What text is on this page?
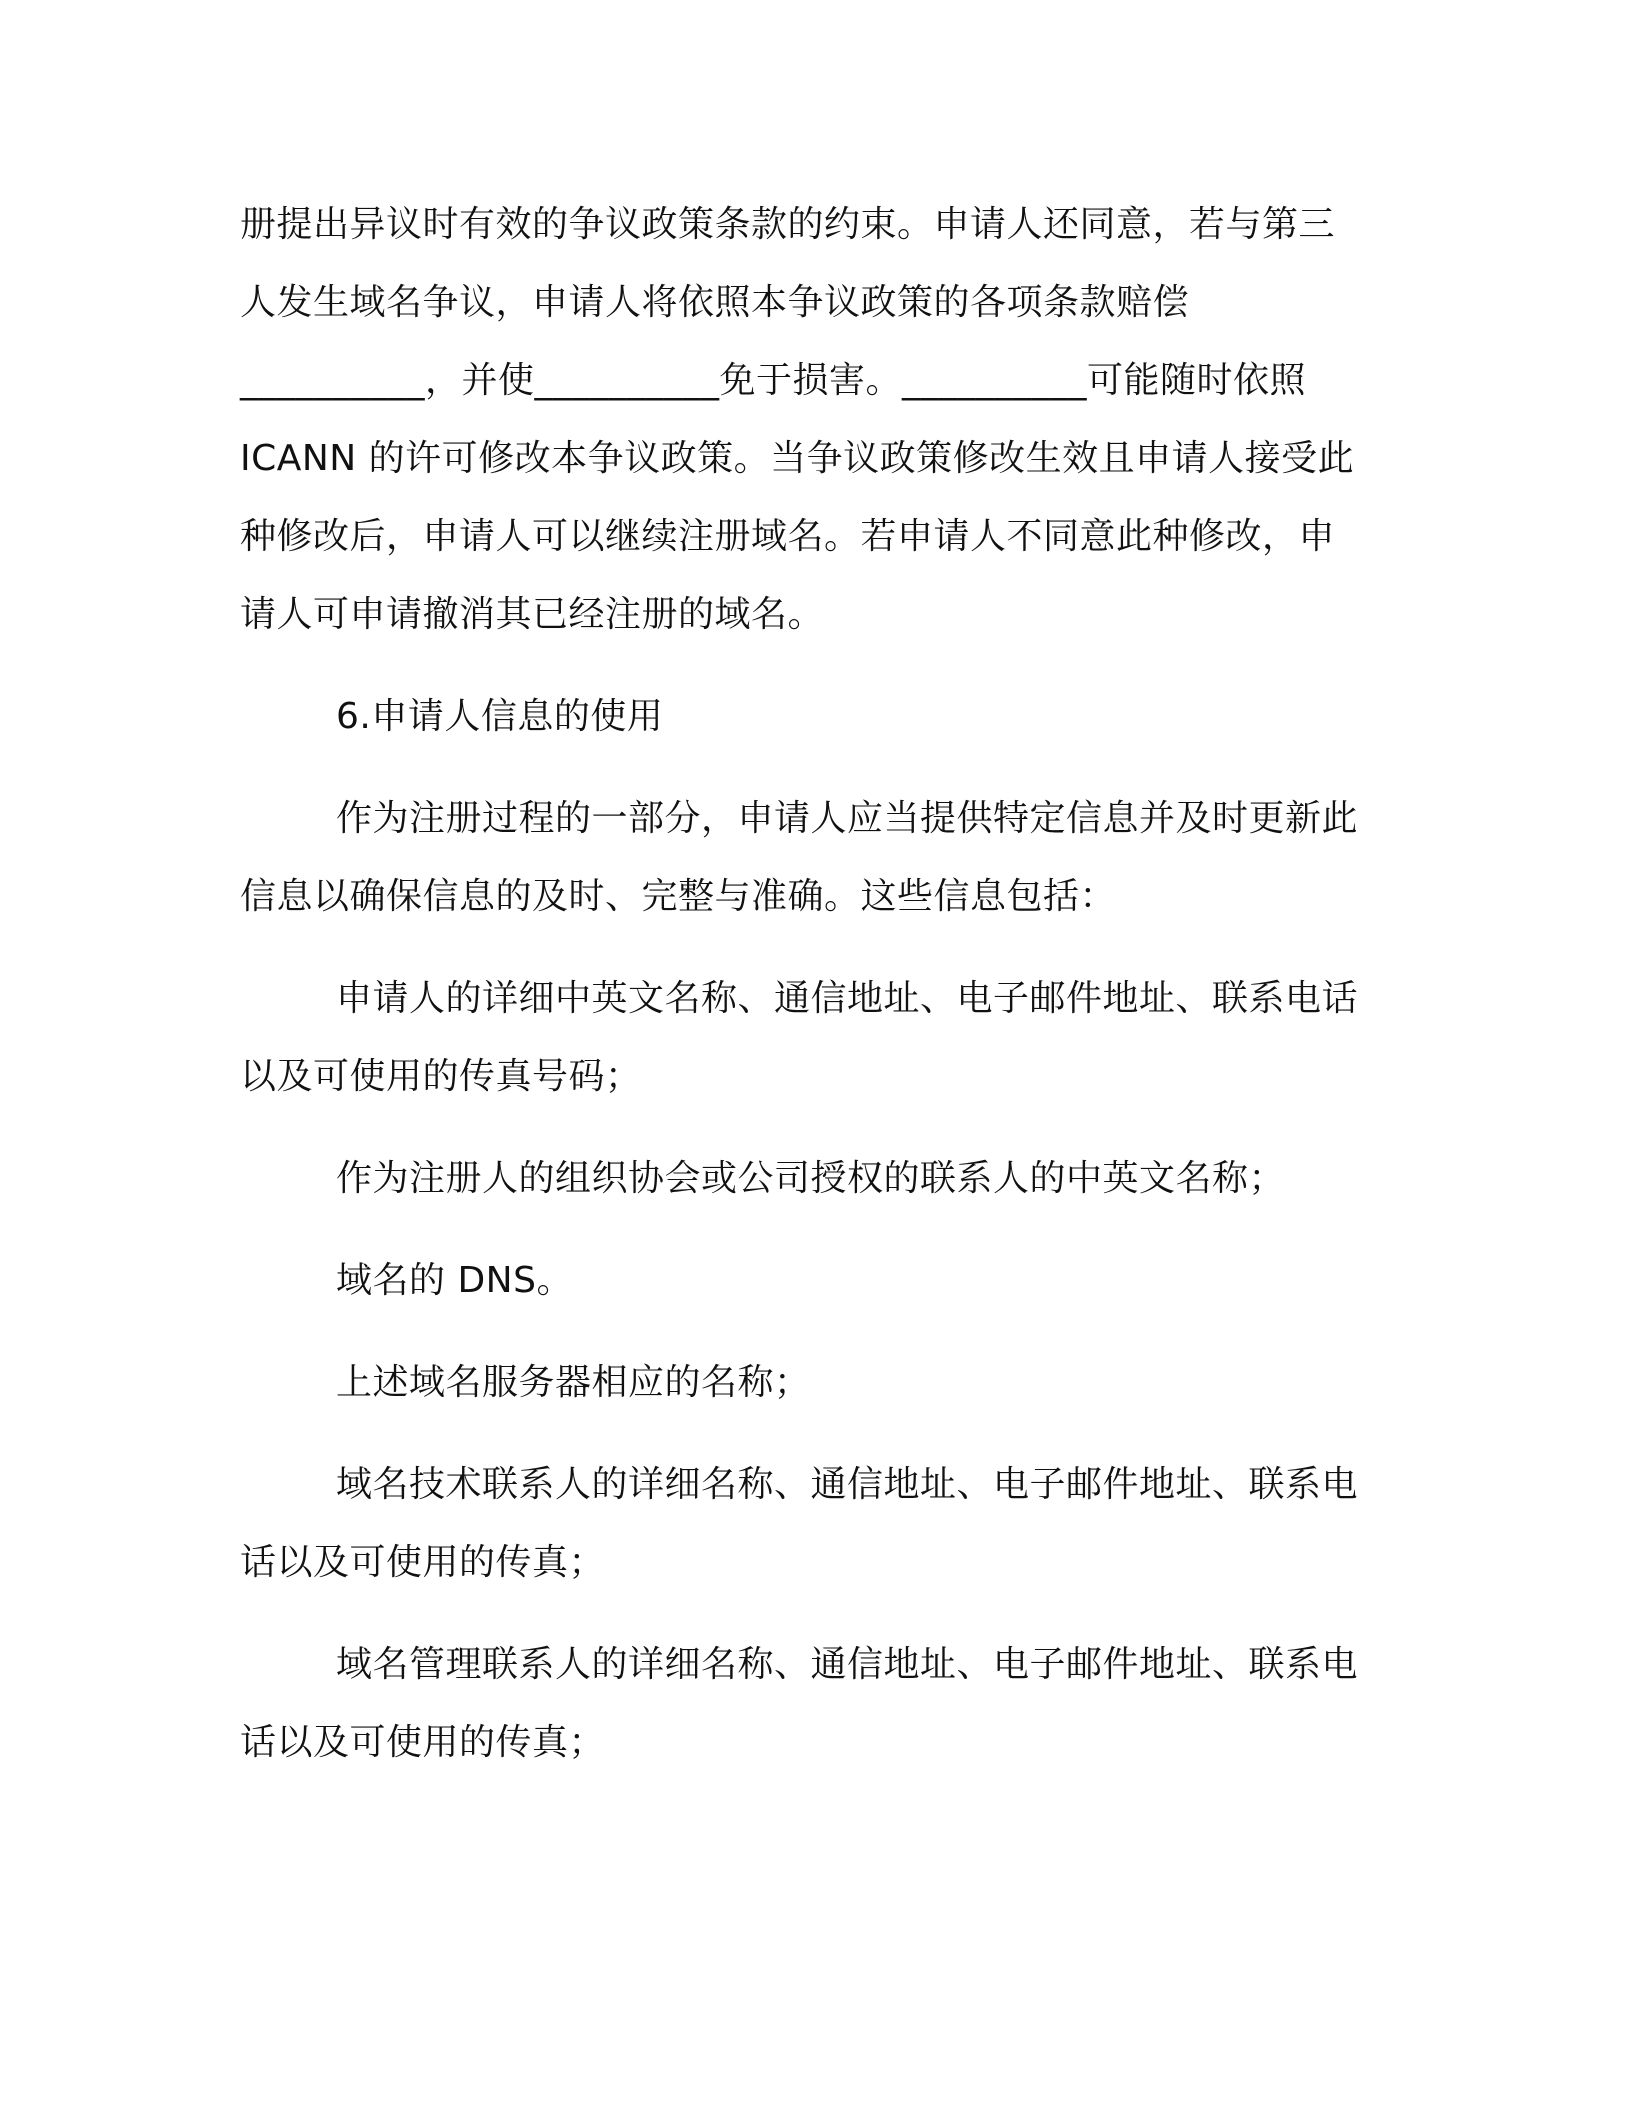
册提出异议时有效的争议政策条款的约束。申请人还同意，若与第三
人发生域名争议，申请人将依照本争议政策的各项条款赔偿
__________，并使__________免于损害。__________可能随时依照
ICANN 的许可修改本争议政策。当争议政策修改生效且申请人接受此
种修改后，申请人可以继续注册域名。若申请人不同意此种修改，申
请人可申请撤消其已经注册的域名。
6.申请人信息的使用
作为注册过程的一部分，申请人应当提供特定信息并及时更新此
信息以确保信息的及时、完整与准确。这些信息包括：
申请人的详细中英文名称、通信地址、电子邮件地址、联系电话
以及可使用的传真号码；
作为注册人的组织协会或公司授权的联系人的中英文名称；
域名的 DNS。
上述域名服务器相应的名称；
域名技术联系人的详细名称、通信地址、电子邮件地址、联系电
话以及可使用的传真；
域名管理联系人的详细名称、通信地址、电子邮件地址、联系电
话以及可使用的传真；
